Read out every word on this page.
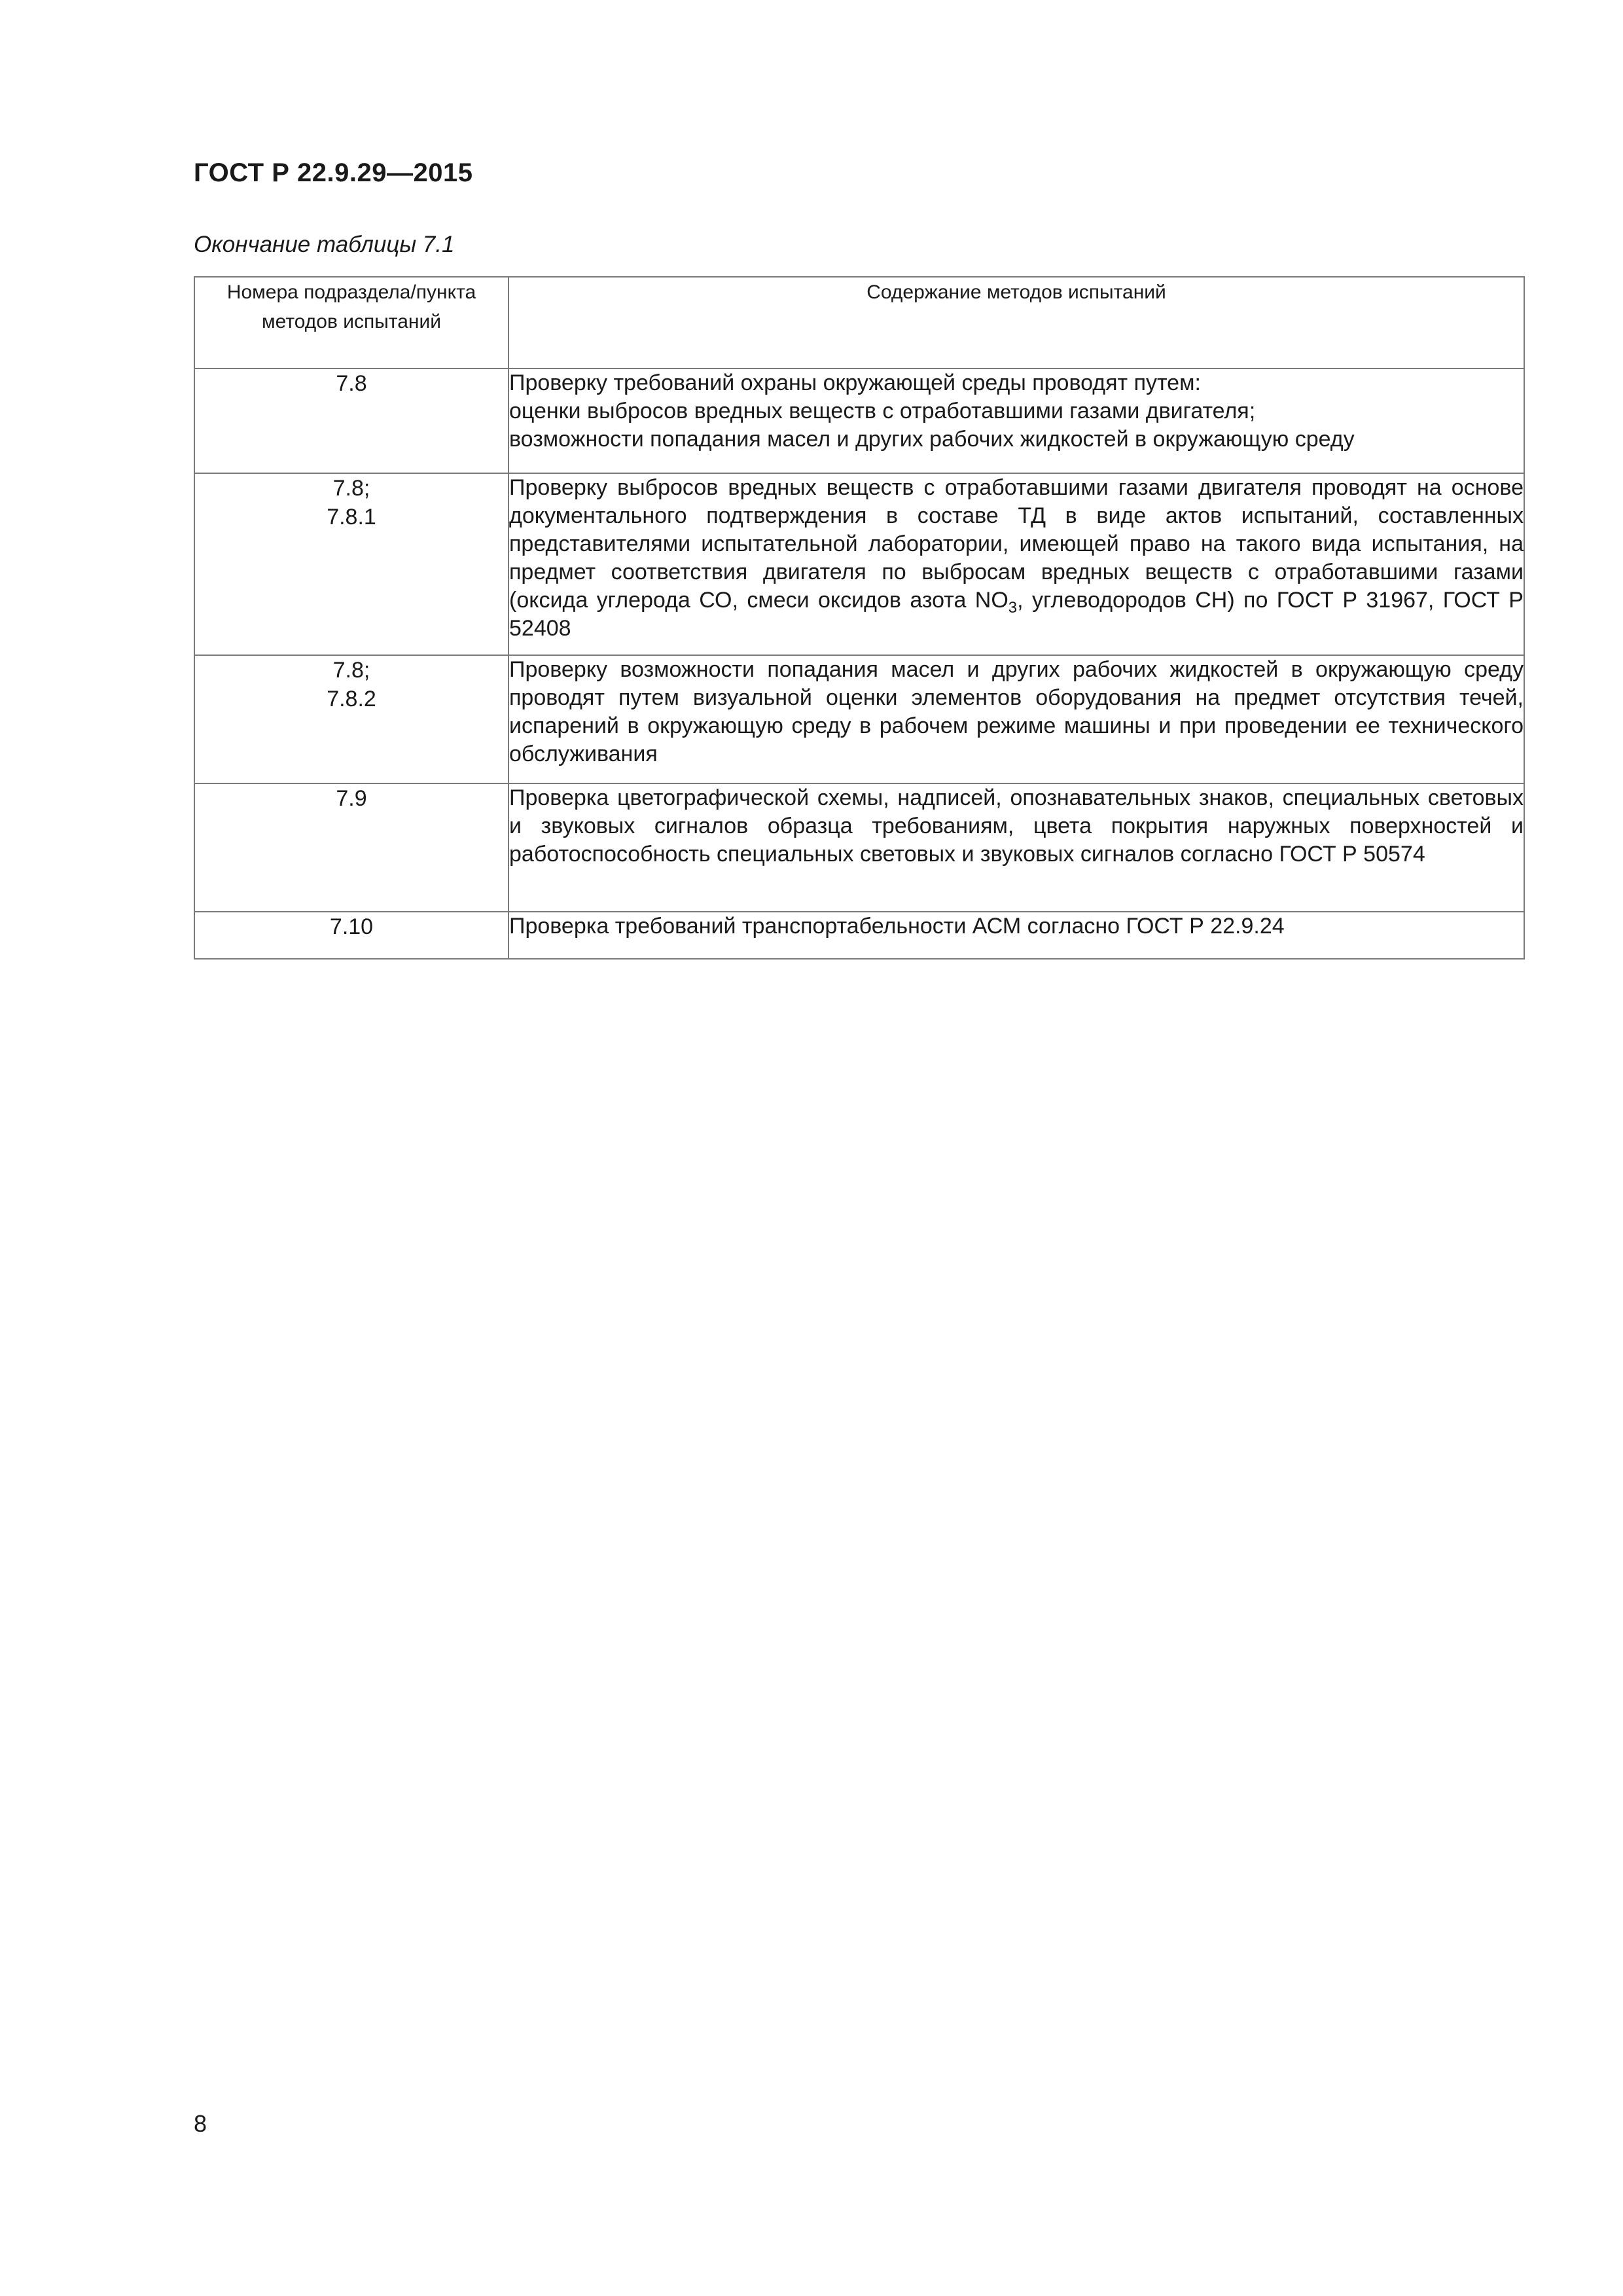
ГОСТ Р 22.9.29—2015
Окончание таблицы 7.1
Номера подраздела/пункта методов испытаний	Содержание методов испытаний

7.8	Проверку требований охраны окружающей среды проводят путем:

оценки выбросов вредных веществ с отработавшими газами двигателя;

возможности попадания масел и других рабочих жидкостей в окружающую среду

7.8;
7.8.1	Проверку выбросов вредных веществ с отработавшими газами двигателя проводят на основе документального подтверждения в составе ТД в виде актов испытаний, составленных представителями испытательной лаборатории, имеющей право на такого вида испытания, на предмет соответствия двигателя по выбросам вредных веществ с отработавшими газами (оксида углерода СО, смеси оксидов азота $NO_3$, углеводородов СН) по ГОСТ Р 31967, ГОСТ Р 52408

7.8;
7.8.2	Проверку возможности попадания масел и других рабочих жидкостей в окружающую среду проводят путем визуальной оценки элементов оборудования на предмет отсутствия течей, испарений в окружающую среду в рабочем режиме машины и при проведении ее технического обслуживания

7.9	Проверка цветографической схемы, надписей, опознавательных знаков, специальных световых и звуковых сигналов образца требованиям, цвета покрытия наружных поверхностей и работоспособность специальных световых и звуковых сигналов согласно ГОСТ Р 50574

7.10	Проверка требований транспортабельности АСМ согласно ГОСТ Р 22.9.24

8
